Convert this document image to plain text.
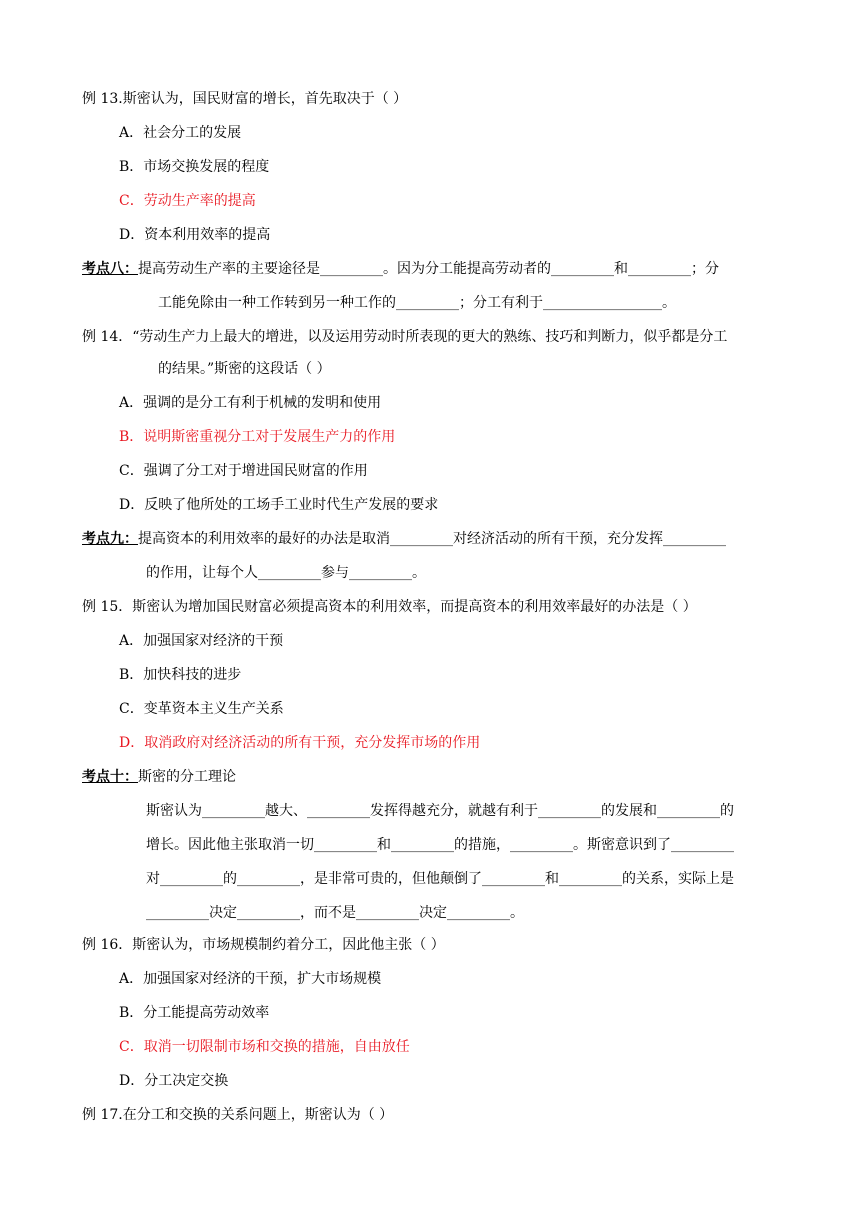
例 13.斯密认为，国民财富的增长，首先取决于（ ）
A．社会分工的发展
B．市场交换发展的程度
C．劳动生产率的提高
D．资本利用效率的提高
考点八：提高劳动生产率的主要途径是_________。因为分工能提高劳动者的_________和_________；分
工能免除由一种工作转到另一种工作的_________；分工有利于_________________。
例 14．“劳动生产力上最大的增进，以及运用劳动时所表现的更大的熟练、技巧和判断力，似乎都是分工
的结果。”斯密的这段话（ ）
A．强调的是分工有利于机械的发明和使用
B．说明斯密重视分工对于发展生产力的作用
C．强调了分工对于增进国民财富的作用
D．反映了他所处的工场手工业时代生产发展的要求
考点九：提高资本的利用效率的最好的办法是取消_________对经济活动的所有干预，充分发挥_________
的作用，让每个人_________参与_________。
例 15．斯密认为增加国民财富必须提高资本的利用效率，而提高资本的利用效率最好的办法是（ ）
A．加强国家对经济的干预
B．加快科技的进步
C．变革资本主义生产关系
D．取消政府对经济活动的所有干预，充分发挥市场的作用
考点十：斯密的分工理论
斯密认为_________越大、_________发挥得越充分，就越有利于_________的发展和_________的
增长。因此他主张取消一切_________和_________的措施，_________。斯密意识到了_________
对_________的_________，是非常可贵的，但他颠倒了_________和_________的关系，实际上是
_________决定_________，而不是_________决定_________。
例 16．斯密认为，市场规模制约着分工，因此他主张（ ）
A．加强国家对经济的干预，扩大市场规模
B．分工能提高劳动效率
C．取消一切限制市场和交换的措施，自由放任
D．分工决定交换
例 17.在分工和交换的关系问题上，斯密认为（ ）
